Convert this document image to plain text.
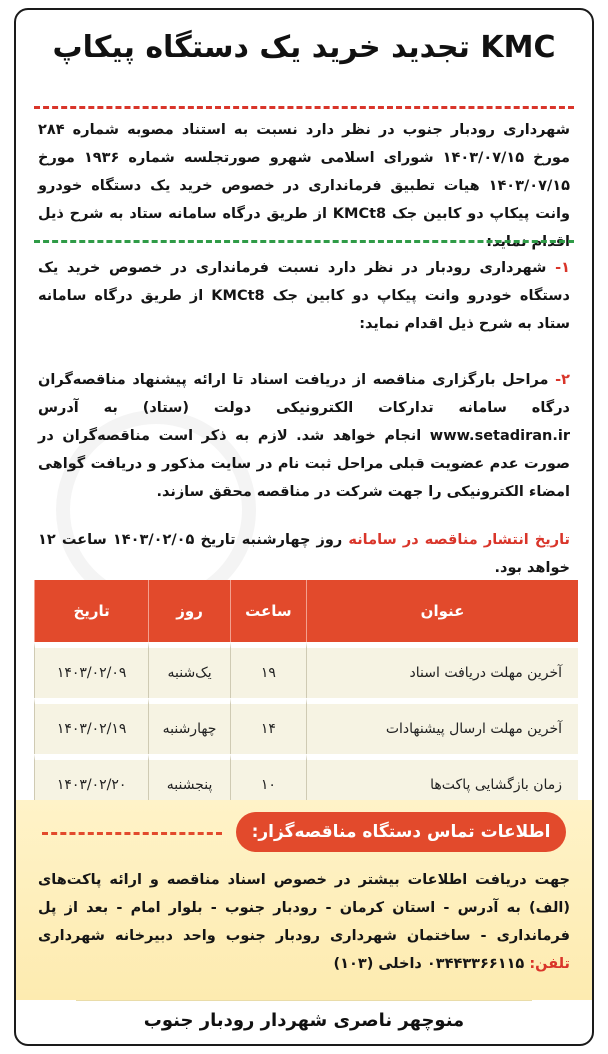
تجدید خرید یک دستگاه پیکاپ KMC

شهرداری رودبار جنوب در نظر دارد نسبت به استناد مصوبه شماره ۲۸۴ مورخ ۱۴۰۳/۰۷/۱۵ شورای اسلامی شهرو صورتجلسه شماره ۱۹۳۶ مورخ ۱۴۰۳/۰۷/۱۵ هیات تطبیق فرمانداری در خصوص خرید یک دستگاه خودرو وانت پیکاپ دو کابین جک KMCt8 از طریق درگاه سامانه ستاد به شرح ذیل اقدام نماید:

۱- شهرداری رودبار در نظر دارد نسبت فرمانداری در خصوص خرید یک دستگاه خودرو وانت پیکاپ دو کابین جک KMCt8 از طریق درگاه سامانه ستاد به شرح ذیل اقدام نماید:

۲- مراحل بارگزاری مناقصه از دریافت اسناد تا ارائه پیشنهاد مناقصه‌گران درگاه سامانه تدارکات الکترونیکی دولت (ستاد) به آدرس www.setadiran.ir انجام خواهد شد. لازم به ذکر است مناقصه‌گران در صورت عدم عضویت قبلی مراحل ثبت نام در سایت مذکور و دریافت گواهی امضاء الکترونیکی را جهت شرکت در مناقصه محقق سازند.

تاریخ انتشار مناقصه در سامانه روز چهارشنبه تاریخ ۱۴۰۳/۰۲/۰۵ ساعت ۱۲ خواهد بود.

عنوان	ساعت	روز	تاریخ
آخرین مهلت دریافت اسناد	۱۹	یک‌شنبه	۱۴۰۳/۰۲/۰۹
آخرین مهلت ارسال پیشنهادات	۱۴	چهارشنبه	۱۴۰۳/۰۲/۱۹
زمان بازگشایی پاکت‌ها	۱۰	پنجشنبه	۱۴۰۳/۰۲/۲۰
اطلاعات تماس دستگاه مناقصه‌گزار:

جهت دریافت اطلاعات بیشتر در خصوص اسناد مناقصه و ارائه پاکت‌های (الف) به آدرس - استان کرمان - رودبار جنوب - بلوار امام - بعد از پل فرمانداری - ساختمان شهرداری رودبار جنوب واحد دبیرخانه شهرداری تلفن: ۰۳۴۴۳۳۶۶۱۱۵ داخلی (۱۰۳)

منوچهر ناصری شهردار رودبار جنوب
